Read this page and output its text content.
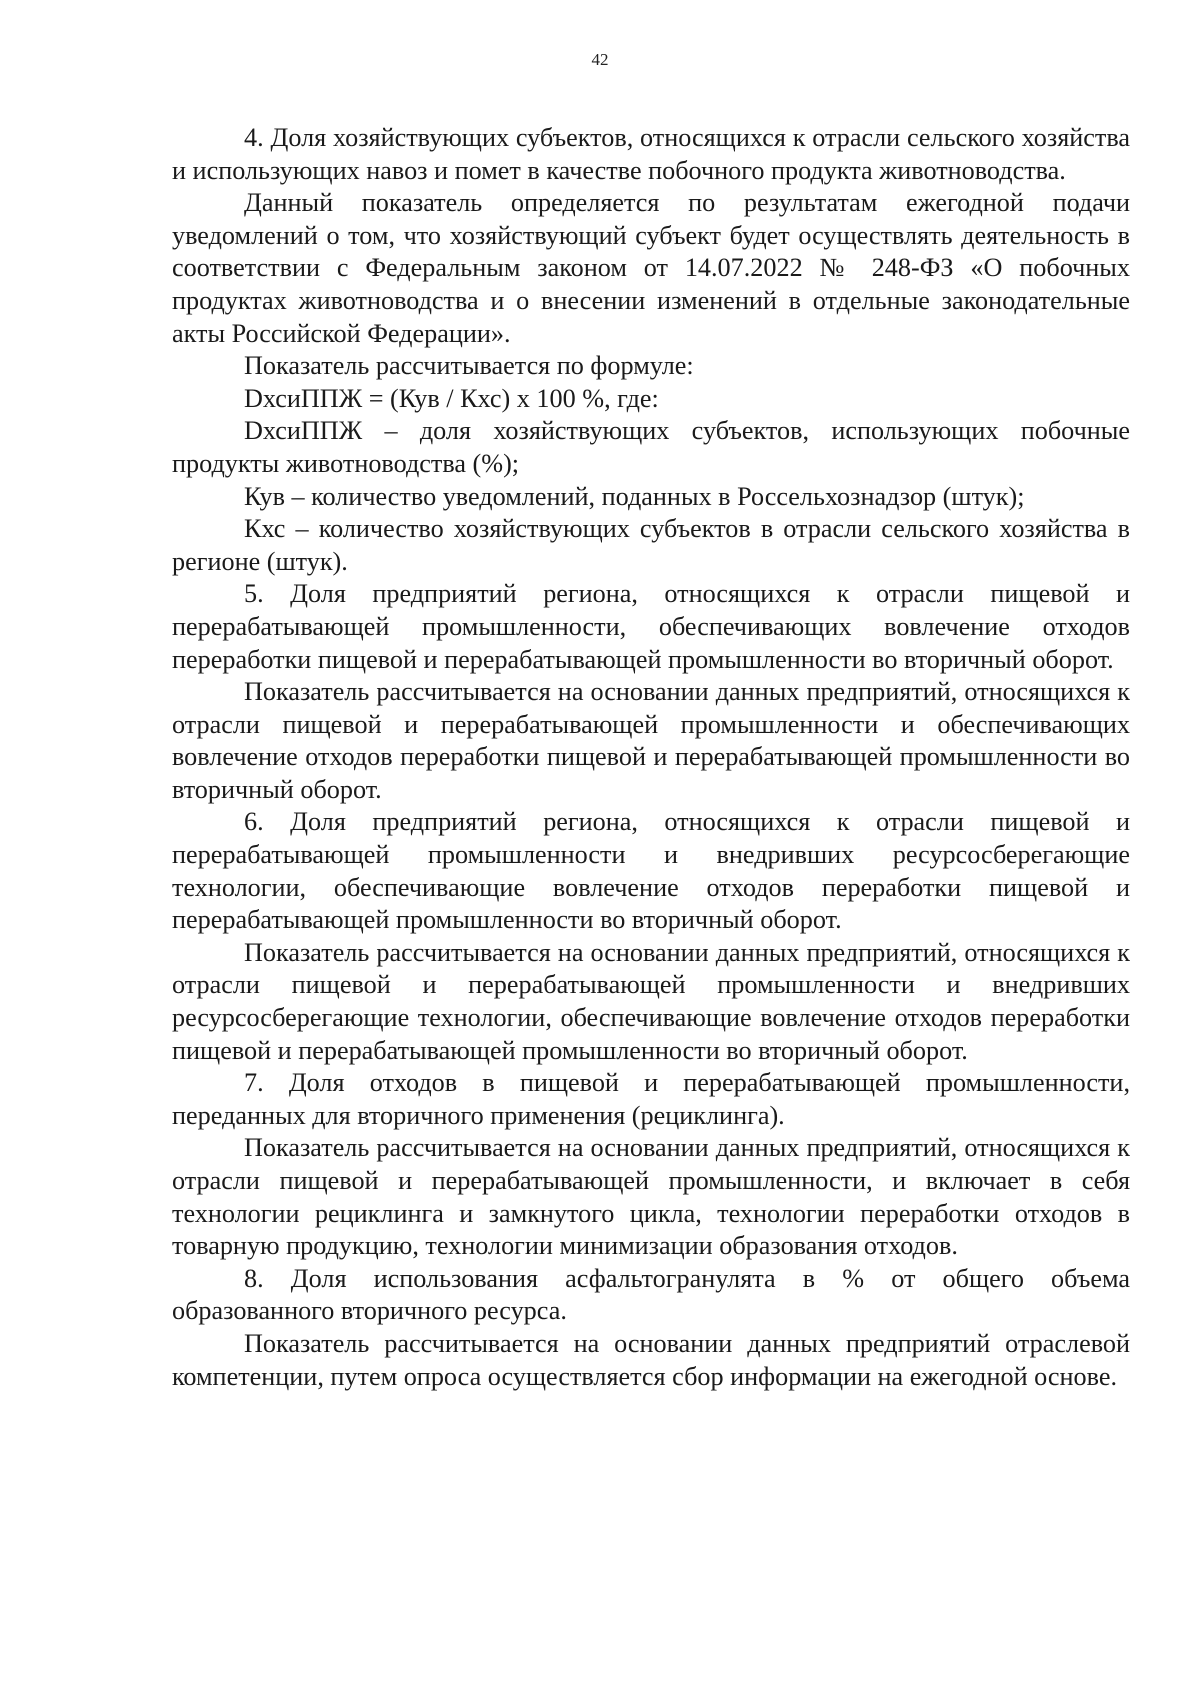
42

4. Доля хозяйствующих субъектов, относящихся к отрасли сельского хозяйства и использующих навоз и помет в качестве побочного продукта животноводства.

Данный показатель определяется по результатам ежегодной подачи уведомлений о том, что хозяйствующий субъект будет осуществлять деятельность в соответствии с Федеральным законом от 14.07.2022 № 248-ФЗ «О побочных продуктах животноводства и о внесении изменений в отдельные законодательные акты Российской Федерации».

Показатель рассчитывается по формуле:

DхсиППЖ = (Кув / Кхс) x 100 %, где:

DхсиППЖ – доля хозяйствующих субъектов, использующих побочные продукты животноводства (%);

Кув – количество уведомлений, поданных в Россельхознадзор (штук);

Кхс – количество хозяйствующих субъектов в отрасли сельского хозяйства в регионе (штук).

5. Доля предприятий региона, относящихся к отрасли пищевой и перерабатывающей промышленности, обеспечивающих вовлечение отходов переработки пищевой и перерабатывающей промышленности во вторичный оборот.

Показатель рассчитывается на основании данных предприятий, относящихся к отрасли пищевой и перерабатывающей промышленности и обеспечивающих вовлечение отходов переработки пищевой и перерабатывающей промышленности во вторичный оборот.

6. Доля предприятий региона, относящихся к отрасли пищевой и перерабатывающей промышленности и внедривших ресурсосберегающие технологии, обеспечивающие вовлечение отходов переработки пищевой и перерабатывающей промышленности во вторичный оборот.

Показатель рассчитывается на основании данных предприятий, относящихся к отрасли пищевой и перерабатывающей промышленности и внедривших ресурсосберегающие технологии, обеспечивающие вовлечение отходов переработки пищевой и перерабатывающей промышленности во вторичный оборот.

7. Доля отходов в пищевой и перерабатывающей промышленности, переданных для вторичного применения (рециклинга).

Показатель рассчитывается на основании данных предприятий, относящихся к отрасли пищевой и перерабатывающей промышленности, и включает в себя технологии рециклинга и замкнутого цикла, технологии переработки отходов в товарную продукцию, технологии минимизации образования отходов.

8. Доля использования асфальтогранулята в % от общего объема образованного вторичного ресурса.

Показатель рассчитывается на основании данных предприятий отраслевой компетенции, путем опроса осуществляется сбор информации на ежегодной основе.
